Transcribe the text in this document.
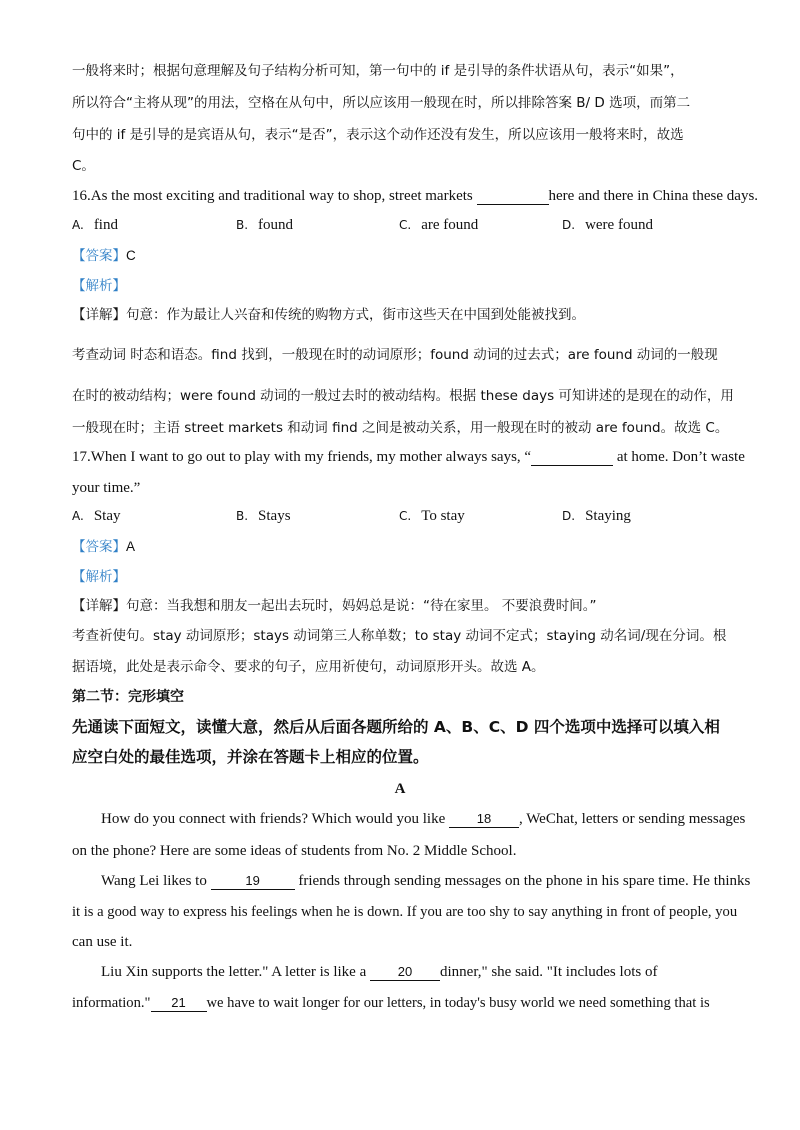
一般将来时；根据句意理解及句子结构分析可知，第一句中的 if 是引导的条件状语从句，表示“如果”，
所以符合“主将从现”的用法，空格在从句中，所以应该用一般现在时，所以排除答案 B/ D 选项，而第二
句中的 if 是引导的是宾语从句，表示“是否”，表示这个动作还没有发生，所以应该用一般将来时，故选
C。
16.As the most exciting and traditional way to shop, street markets	here and there in China these days.
A. find	B. found	C. are found	D. were found
【答案】C
【解析】
【详解】句意：作为最让人兴奋和传统的购物方式，街市这些天在中国到处能被找到。
考查动词 时态和语态。find 找到，一般现在时的动词原形；found 动词的过去式；are found 动词的一般现
在时的被动结构；were found 动词的一般过去时的被动结构。根据 these days 可知讲述的是现在的动作，用
一般现在时；主语 street markets 和动词 find 之间是被动关系，用一般现在时的被动 are found。故选 C。
17.When I want to go out to play with my friends, my mother always says, “	at home. Don’t waste
your time.”
A. Stay	B. Stays	C. To stay	D. Staying
【答案】A
【解析】
【详解】句意：当我想和朋友一起出去玩时，妈妈总是说：“待在家里。 不要浪费时间。”
考查祈使句。stay 动词原形；stays 动词第三人称单数；to stay 动词不定式；staying 动名词/现在分词。根
据语境，此处是表示命令、要求的句子，应用祈使句，动词原形开头。故选 A。
第二节：完形填空
先通读下面短文，读懂大意，然后从后面各题所给的 A、B、C、D 四个选项中选择可以填入相
应空白处的最佳选项，并涂在答题卡上相应的位置。
A
How do you connect with friends? Which would you like 18 , WeChat, letters or sending messages
on the phone? Here are some ideas of students from No. 2 Middle School.
Wang Lei likes to	19 friends through sending messages on the phone in his spare time. He thinks
it is a good way to express his feelings when he is down. If you are too shy to say anything in front of people, you
can use it.
Liu Xin supports the letter." A letter is like a 20 dinner," she said. "It includes lots of
information." 21 we have to wait longer for our letters, in today's busy world we need something that is
